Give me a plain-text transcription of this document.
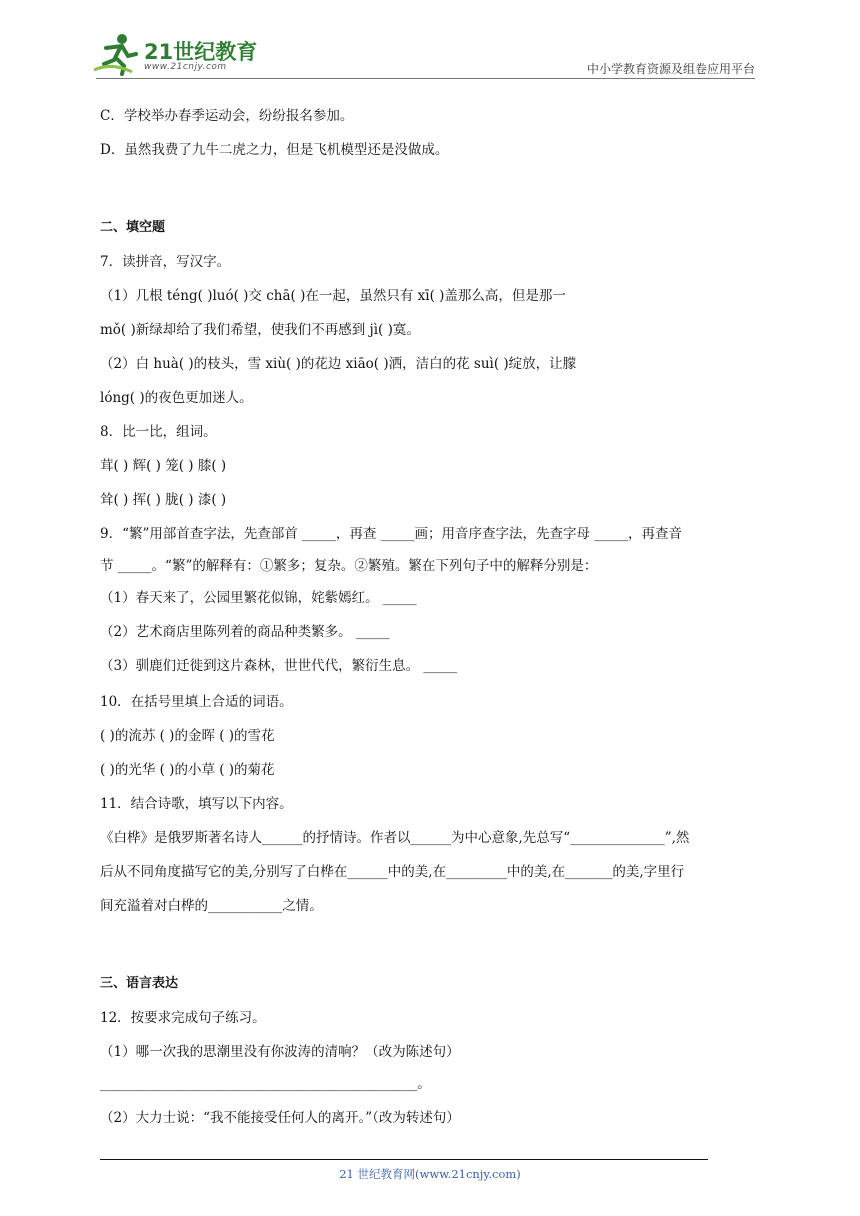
21世纪教育
www.21cnjy.com	中小学教育资源及组卷应用平台
C．学校举办春季运动会，纷纷报名参加。
D．虽然我费了九牛二虎之力，但是飞机模型还是没做成。
二、填空题
7．读拼音，写汉字。
（1）几根 téng( )luó( )交 chā( )在一起，虽然只有 xī( )盖那么高，但是那一
mǒ( )新绿却给了我们希望，使我们不再感到 jì( )寞。
（2）白 huà( )的枝头，雪 xiù( )的花边 xiāo( )洒，洁白的花 suì( )绽放，让朦
lóng( )的夜色更加迷人。
8．比一比，组词。
茸( ) 辉( ) 笼( ) 膝( )
耸( ) 挥( ) 胧( ) 漆( )
9．“繁”用部首查字法，先查部首 _____，再查 _____画；用音序查字法，先查字母 _____，再查音
节 _____。“繁”的解释有：①繁多；复杂。②繁殖。繁在下列句子中的解释分别是：
（1）春天来了，公园里繁花似锦，姹紫嫣红。 _____
（2）艺术商店里陈列着的商品种类繁多。 _____
（3）驯鹿们迁徙到这片森林，世世代代，繁衍生息。 _____
10．在括号里填上合适的词语。
( )的流苏 ( )的金晖 ( )的雪花
( )的光华 ( )的小草 ( )的菊花
11．结合诗歌，填写以下内容。
《白桦》是俄罗斯著名诗人______的抒情诗。作者以______为中心意象,先总写“______________”,然
后从不同角度描写它的美,分别写了白桦在______中的美,在_________中的美,在_______的美,字里行
间充溢着对白桦的___________之情。
三、语言表达
12．按要求完成句子练习。
（1）哪一次我的思潮里没有你波涛的清响？（改为陈述句）
_______________________________________________。
（2）大力士说：“我不能接受任何人的离开。”（改为转述句）
21 世纪教育网(www.21cnjy.com)
